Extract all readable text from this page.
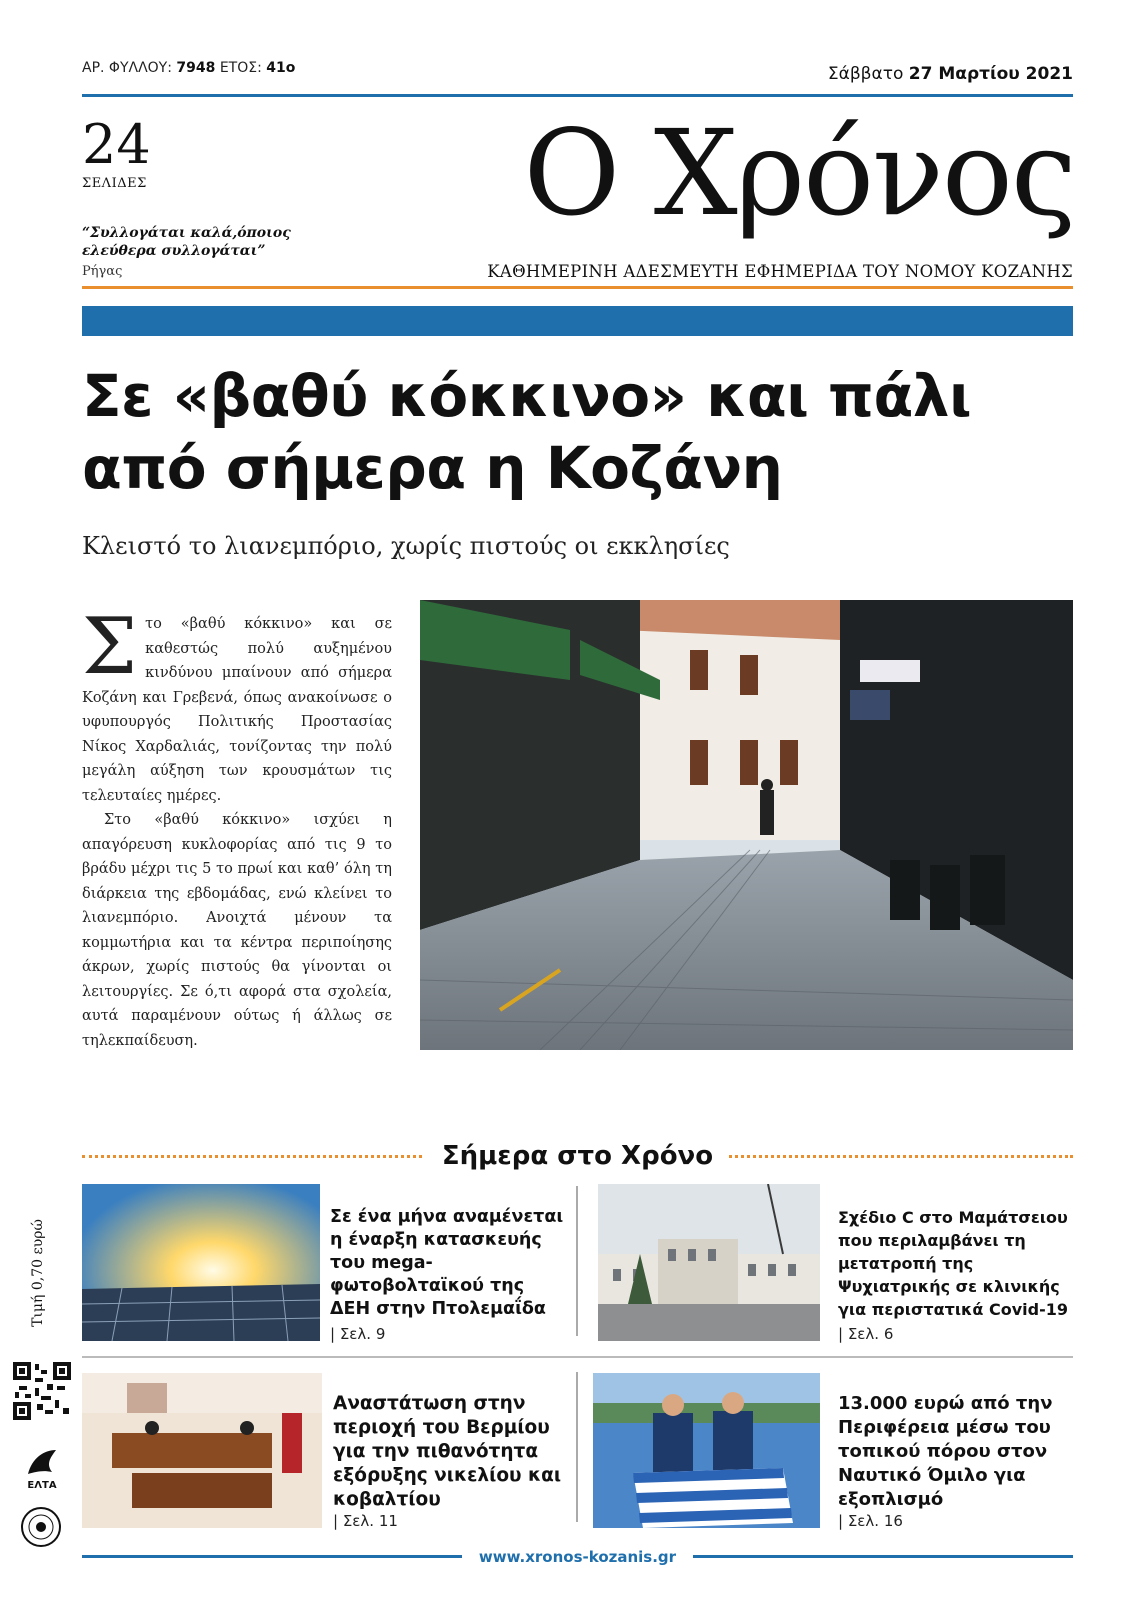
ΑΡ. ΦΥΛΛΟΥ: 7948 ΕΤΟΣ: 41ο	Σάββατο 27 Μαρτίου 2021
24
ΣΕΛΙΔΕΣ
“Συλλογάται καλά,όποιος ελεύθερα συλλογάται”
Ρήγας
Ο Χρόνος
ΚΑΘΗΜΕΡΙΝΗ ΑΔΕΣΜΕΥΤΗ ΕΦΗΜΕΡΙΔΑ ΤΟΥ ΝΟΜΟΥ ΚΟΖΑΝΗΣ
Σε «βαθύ κόκκινο» και πάλι
από σήμερα η Κοζάνη
Κλειστό το λιανεμπόριο, χωρίς πιστούς οι εκκλησίες

Στο «βαθύ κόκκινο» και σε καθεστώς πολύ αυξημένου κινδύνου μπαίνουν από σήμερα Κοζάνη και Γρεβενά, όπως ανακοίνωσε ο υφυπουργός Πολιτικής Προστασίας Νίκος Χαρδαλιάς, τονίζοντας την πολύ μεγάλη αύξηση των κρουσμάτων τις τελευταίες ημέρες.

Στο «βαθύ κόκκινο» ισχύει η απαγόρευση κυκλοφορίας από τις 9 το βράδυ μέχρι τις 5 το πρωί και καθ’ όλη τη διάρκεια της εβδομάδας, ενώ κλείνει το λιανεμπόριο. Ανοιχτά μένουν τα κομμωτήρια και τα κέντρα περιποίησης άκρων, χωρίς πιστούς θα γίνονται οι λειτουργίες. Σε ό,τι αφορά στα σχολεία, αυτά παραμένουν ούτως ή άλλως σε τηλεκπαίδευση.

Σήμερα στο Χρόνο
Σε ένα μήνα αναμένεται η έναρξη κατασκευής του mega-φωτοβολταϊκού της ΔΕΗ στην Πτολεμαΐδα
| Σελ. 9
Σχέδιο C στο Μαμάτσειου που περιλαμβάνει τη μετατροπή της Ψυχιατρικής σε κλινικής για περιστατικά Covid-19
| Σελ. 6
Αναστάτωση στην περιοχή του Βερμίου για την πιθανότητα εξόρυξης νικελίου και κοβαλτίου
| Σελ. 11
13.000 ευρώ από την Περιφέρεια μέσω του τοπικού πόρου στον Ναυτικό Όμιλο για εξοπλισμό
| Σελ. 16
Τιμή 0,70 ευρώ
ΕΛΤΑ
www.xronos-kozanis.gr
